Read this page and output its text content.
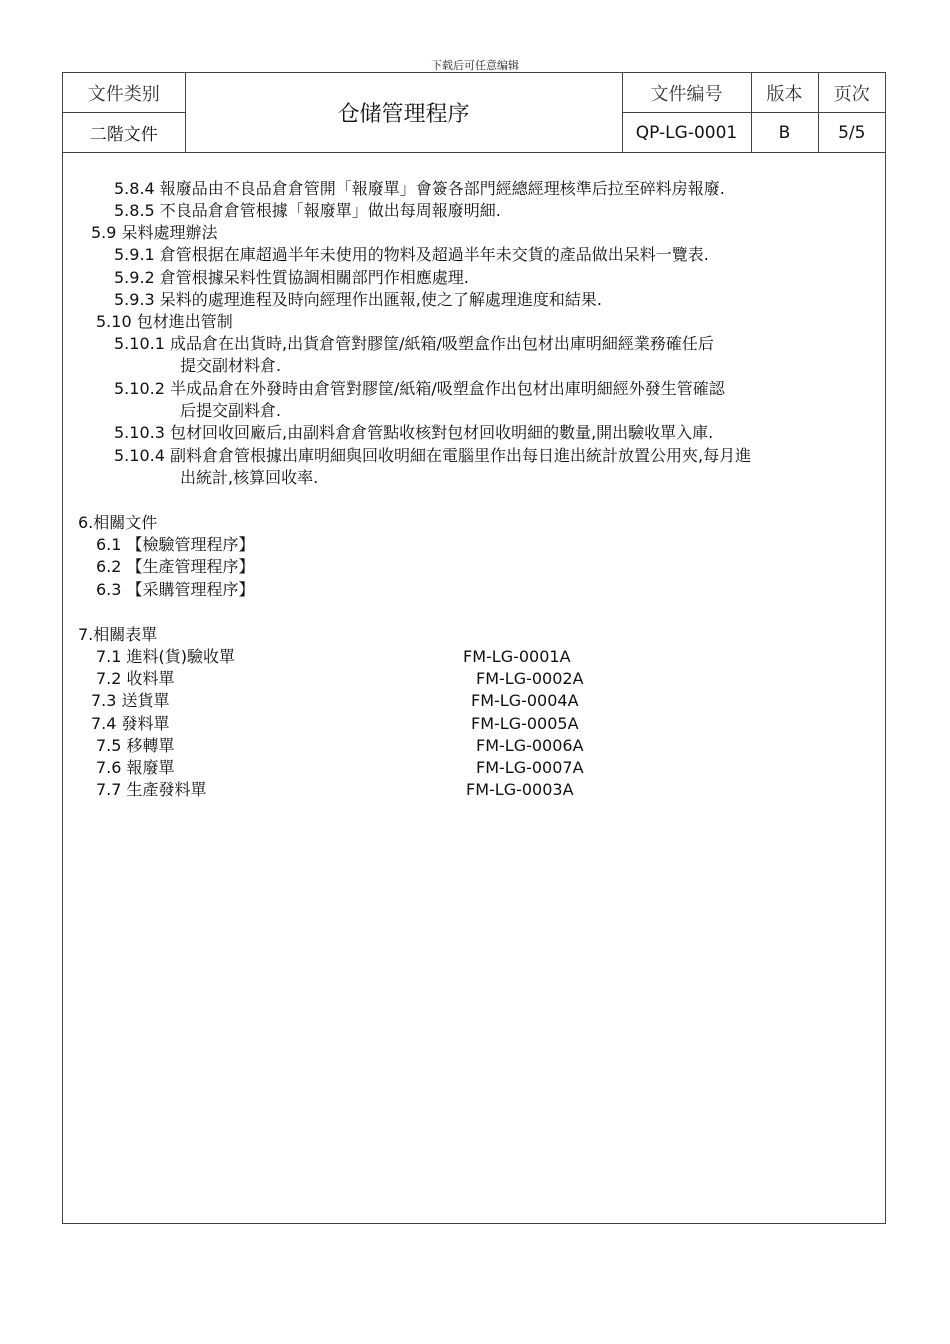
下载后可任意编辑
文件类别	仓储管理程序	文件编号	版本	页次
二階文件		QP-LG-0001	B	5/5
5.8.4 報廢品由不良品倉倉管開「報廢單」會簽各部門經總經理核準后拉至碎料房報廢.
5.8.5 不良品倉倉管根據「報廢單」做出每周報廢明細.
5.9 呆料處理辦法
5.9.1 倉管根据在庫超過半年未使用的物料及超過半年未交貨的產品做出呆料一覽表.
5.9.2 倉管根據呆料性質協調相關部門作相應處理.
5.9.3 呆料的處理進程及時向經理作出匯報,使之了解處理進度和結果.
5.10 包材進出管制
5.10.1 成品倉在出貨時,出貨倉管對膠筐/紙箱/吸塑盒作出包材出庫明細經業務確任后
提交副材料倉.
5.10.2 半成品倉在外發時由倉管對膠筐/紙箱/吸塑盒作出包材出庫明細經外發生管確認
后提交副料倉.
5.10.3 包材回收回廠后,由副料倉倉管點收核對包材回收明細的數量,開出驗收單入庫.
5.10.4 副料倉倉管根據出庫明細與回收明細在電腦里作出每日進出統計放置公用夾,每月進
出統計,核算回收率.
6.相關文件
6.1 【檢驗管理程序】
6.2 【生產管理程序】
6.3 【采購管理程序】
7.相關表單
7.1 進料(貨)驗收單	FM-LG-0001A
7.2 收料單	FM-LG-0002A
7.3 送貨單	FM-LG-0004A
7.4 發料單	FM-LG-0005A
7.5 移轉單	FM-LG-0006A
7.6 報廢單	FM-LG-0007A
7.7 生產發料單	FM-LG-0003A
